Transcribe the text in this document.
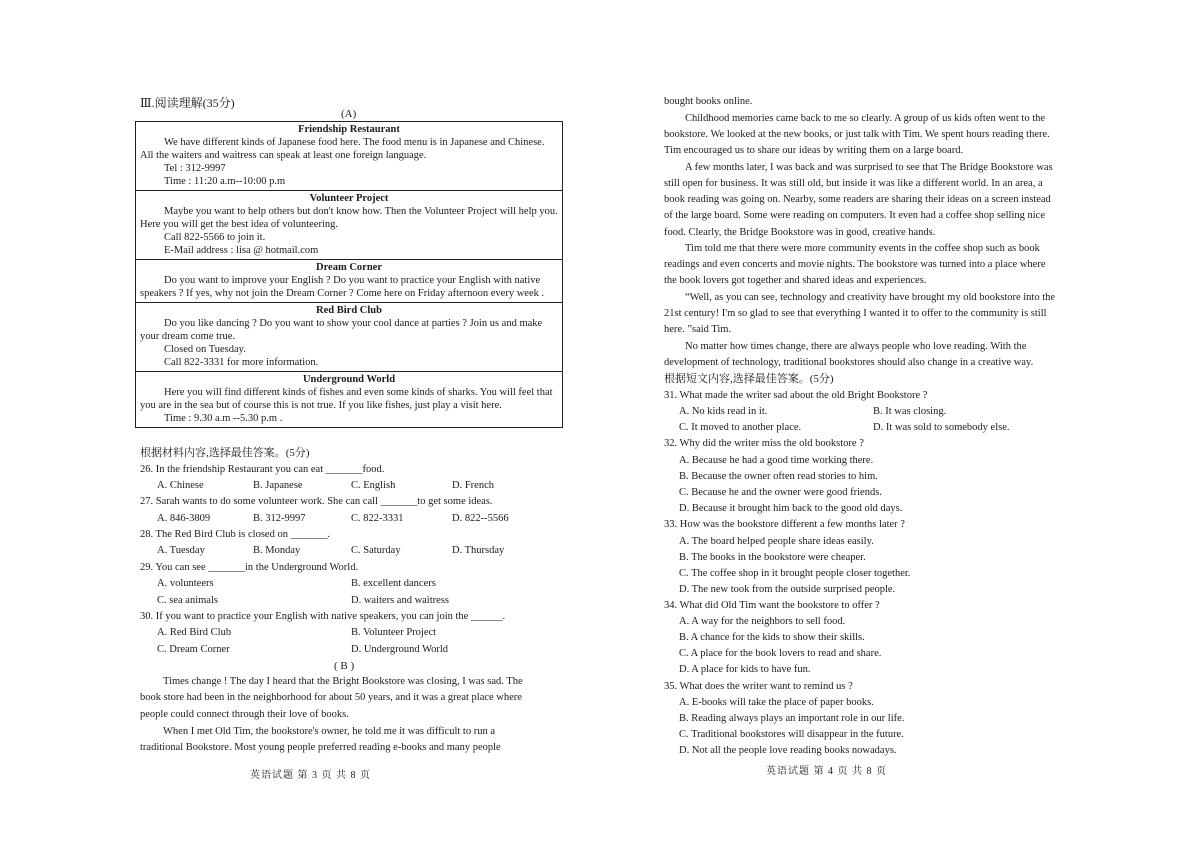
Ⅲ.阅读理解(35分)
(A)
Friendship Restaurant
We have different kinds of Japanese food here. The food menu is in Japanese and Chinese. All the waiters and waitress can speak at least one foreign language.
Tel : 312-9997
Time : 11:20 a.m--10:00 p.m
Volunteer Project
Maybe you want to help others but don't know how. Then the Volunteer Project will help you. Here you will get the best idea of volunteering.
Call 822-5566 to join it.
E-Mail address : lisa @ hotmail.com
Dream Corner
Do you want to improve your English ? Do you want to practice your English with native speakers ? If yes, why not join the Dream Corner ? Come here on Friday afternoon every week .
Red Bird Club
Do you like dancing ? Do you want to show your cool dance at parties ? Join us and make your dream come true.
Closed on Tuesday.
Call 822-3331 for more information.
Underground World
Here you will find different kinds of fishes and even some kinds of sharks. You will feel that you are in the sea but of course this is not true. If you like fishes, just play a visit here.
Time : 9.30 a.m --5.30 p.m .
根据材料内容,选择最佳答案。(5分)
26. In the friendship Restaurant you can eat _______food.
A. Chinese	B. Japanese	C. English	D. French
27. Sarah wants to do some volunteer work. She can call _______to get some ideas.
A. 846-3809	B. 312-9997	C. 822-3331	D. 822--5566
28. The Red Bird Club is closed on _______.
A. Tuesday	B. Monday	C. Saturday	D. Thursday
29. You can see _______in the Underground World.
A. volunteers	B. excellent dancers
C. sea animals	D. waiters and waitress
30. If you want to practice your English with native speakers, you can join the ______.
A. Red Bird Club	B. Volunteer Project
C. Dream Corner	D. Underground World
( B )
Times change ! The day I heard that the Bright Bookstore was closing, I was sad. The
book store had been in the neighborhood for about 50 years, and it was a great place where
people could connect through their love of books.
When I met Old Tim, the bookstore's owner, he told me it was difficult to run a
traditional Bookstore. Most young people preferred reading e-books and many people
英语试题 第 3 页 共 8 页
bought books online.
Childhood memories came back to me so clearly. A group of us kids often went to the
bookstore. We looked at the new books, or just talk with Tim. We spent hours reading there.
Tim encouraged us to share our ideas by writing them on a large board.
A few months later, I was back and was surprised to see that The Bridge Bookstore was
still open for business. It was still old, but inside it was like a different world. In an area, a
book reading was going on. Nearby, some readers are sharing their ideas on a screen instead
of the large board. Some were reading on computers. It even had a coffee shop selling nice
food. Clearly, the Bridge Bookstore was in good, creative hands.
Tim told me that there were more community events in the coffee shop such as book
readings and even concerts and movie nights. The bookstore was turned into a place where
the book lovers got together and shared ideas and experiences.
“Well, as you can see, technology and creativity have brought my old bookstore into the
21st century! I'm so glad to see that everything I wanted it to offer to the community is still
here. ”said Tim.
No matter how times change, there are always people who love reading. With the
development of technology, traditional bookstores should also change in a creative way.
根据短文内容,选择最佳答案。(5分)
31. What made the writer sad about the old Bright Bookstore ?
A. No kids read in it.	B. It was closing.
C. It moved to another place.	D. It was sold to somebody else.
32. Why did the writer miss the old bookstore ?
A. Because he had a good time working there.
B. Because the owner often read stories to him.
C. Because he and the owner were good friends.
D. Because it brought him back to the good old days.
33. How was the bookstore different a few months later ?
A. The board helped people share ideas easily.
B. The books in the bookstore were cheaper.
C. The coffee shop in it brought people closer together.
D. The new took from the outside surprised people.
34. What did Old Tim want the bookstore to offer ?
A. A way for the neighbors to sell food.
B. A chance for the kids to show their skills.
C. A place for the book lovers to read and share.
D. A place for kids to have fun.
35. What does the writer want to remind us ?
A. E-books will take the place of paper books.
B. Reading always plays an important role in our life.
C. Traditional bookstores will disappear in the future.
D. Not all the people love reading books nowadays.
英语试题 第 4 页 共 8 页
